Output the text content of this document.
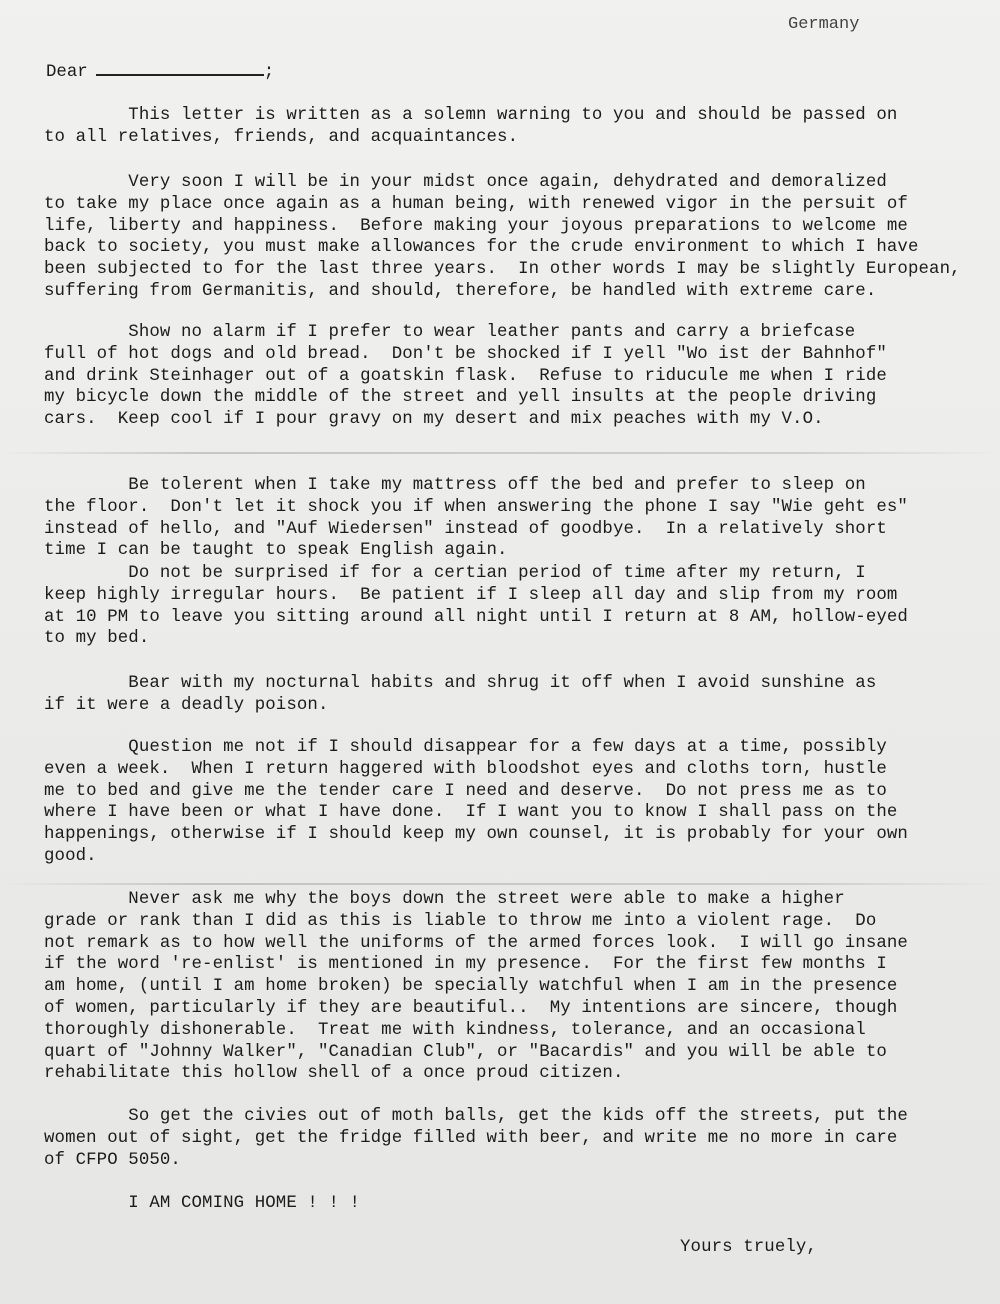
Germany
Dear	;
This letter is written as a solemn warning to you and should be passed on
to all relatives, friends, and acquaintances.
Very soon I will be in your midst once again, dehydrated and demoralized
to take my place once again as a human being, with renewed vigor in the persuit of
life, liberty and happiness.  Before making your joyous preparations to welcome me
back to society, you must make allowances for the crude environment to which I have
been subjected to for the last three years.  In other words I may be slightly European,
suffering from Germanitis, and should, therefore, be handled with extreme care.
Show no alarm if I prefer to wear leather pants and carry a briefcase
full of hot dogs and old bread.  Don't be shocked if I yell "Wo ist der Bahnhof"
and drink Steinhager out of a goatskin flask.  Refuse to riducule me when I ride
my bicycle down the middle of the street and yell insults at the people driving
cars.  Keep cool if I pour gravy on my desert and mix peaches with my V.O.
Be tolerent when I take my mattress off the bed and prefer to sleep on
the floor.  Don't let it shock you if when answering the phone I say "Wie geht es"
instead of hello, and "Auf Wiedersen" instead of goodbye.  In a relatively short
time I can be taught to speak English again.
Do not be surprised if for a certian period of time after my return, I
keep highly irregular hours.  Be patient if I sleep all day and slip from my room
at 10 PM to leave you sitting around all night until I return at 8 AM, hollow-eyed
to my bed.
Bear with my nocturnal habits and shrug it off when I avoid sunshine as
if it were a deadly poison.
Question me not if I should disappear for a few days at a time, possibly
even a week.  When I return haggered with bloodshot eyes and cloths torn, hustle
me to bed and give me the tender care I need and deserve.  Do not press me as to
where I have been or what I have done.  If I want you to know I shall pass on the
happenings, otherwise if I should keep my own counsel, it is probably for your own
good.
Never ask me why the boys down the street were able to make a higher
grade or rank than I did as this is liable to throw me into a violent rage.  Do
not remark as to how well the uniforms of the armed forces look.  I will go insane
if the word 're-enlist' is mentioned in my presence.  For the first few months I
am home, (until I am home broken) be specially watchful when I am in the presence
of women, particularly if they are beautiful..  My intentions are sincere, though
thoroughly dishonerable.  Treat me with kindness, tolerance, and an occasional
quart of "Johnny Walker", "Canadian Club", or "Bacardis" and you will be able to
rehabilitate this hollow shell of a once proud citizen.
So get the civies out of moth balls, get the kids off the streets, put the
women out of sight, get the fridge filled with beer, and write me no more in care
of CFPO 5050.
I AM COMING HOME ! ! !
Yours truely,
